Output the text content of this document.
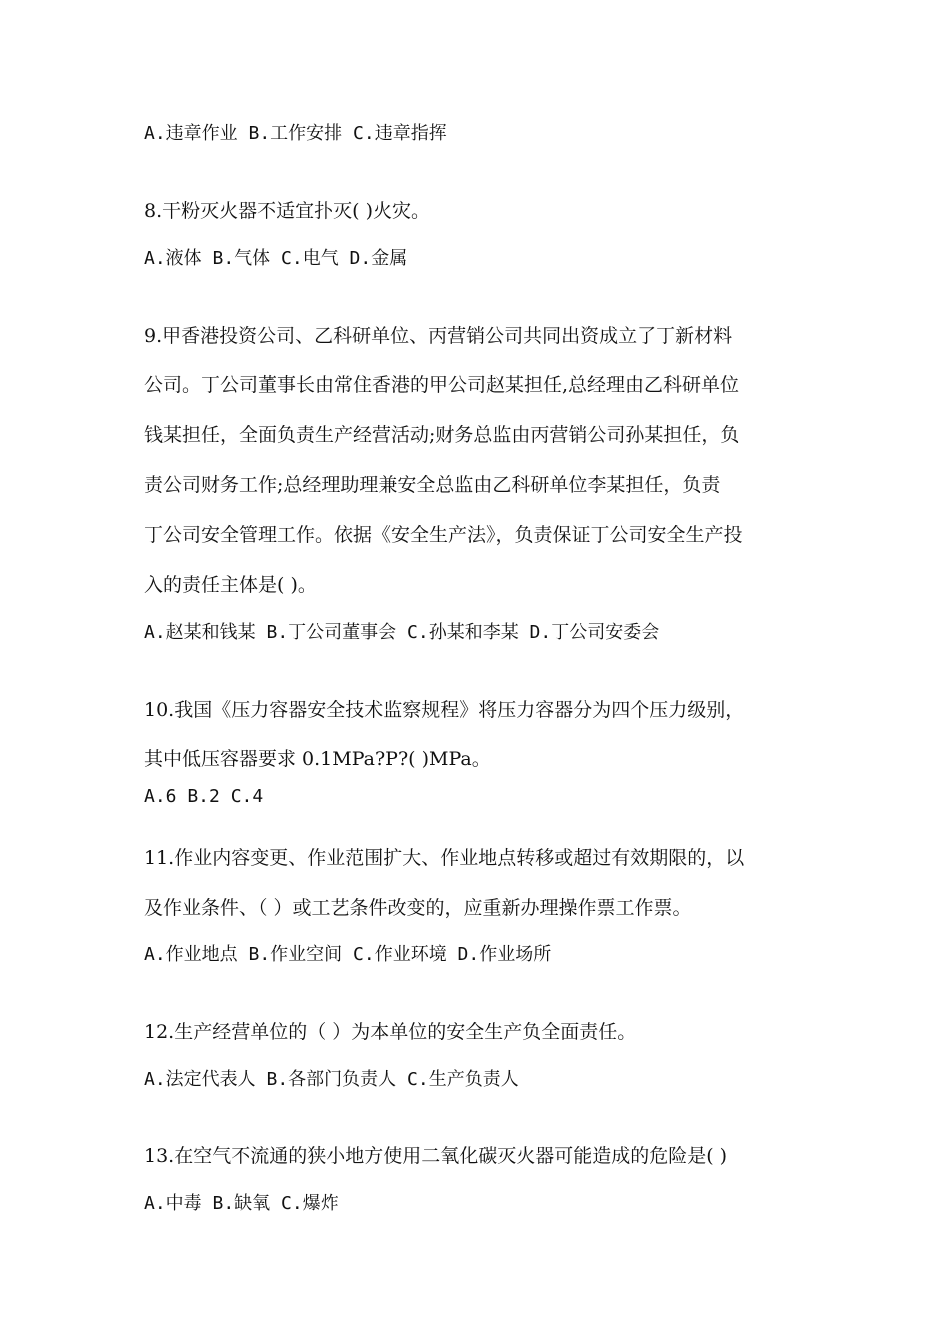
A.违章作业 B.工作安排 C.违章指挥
8.干粉灭火器不适宜扑灭( )火灾。
A.液体 B.气体 C.电气 D.金属
9.甲香港投资公司、乙科研单位、丙营销公司共同出资成立了丁新材料
公司。丁公司董事长由常住香港的甲公司赵某担任,总经理由乙科研单位
钱某担任，全面负责生产经营活动;财务总监由丙营销公司孙某担任，负
责公司财务工作;总经理助理兼安全总监由乙科研单位李某担任，负责
丁公司安全管理工作。依据《安全生产法》，负责保证丁公司安全生产投
入的责任主体是( )。
A.赵某和钱某 B.丁公司董事会 C.孙某和李某 D.丁公司安委会
10.我国《压力容器安全技术监察规程》将压力容器分为四个压力级别，
其中低压容器要求 0.1MPa?P?( )MPa。
A.6 B.2 C.4
11.作业内容变更、作业范围扩大、作业地点转移或超过有效期限的，以
及作业条件、（ ）或工艺条件改变的，应重新办理操作票工作票。
A.作业地点 B.作业空间 C.作业环境 D.作业场所
12.生产经营单位的（ ）为本单位的安全生产负全面责任。
A.法定代表人 B.各部门负责人 C.生产负责人
13.在空气不流通的狭小地方使用二氧化碳灭火器可能造成的危险是( )
A.中毒 B.缺氧 C.爆炸
